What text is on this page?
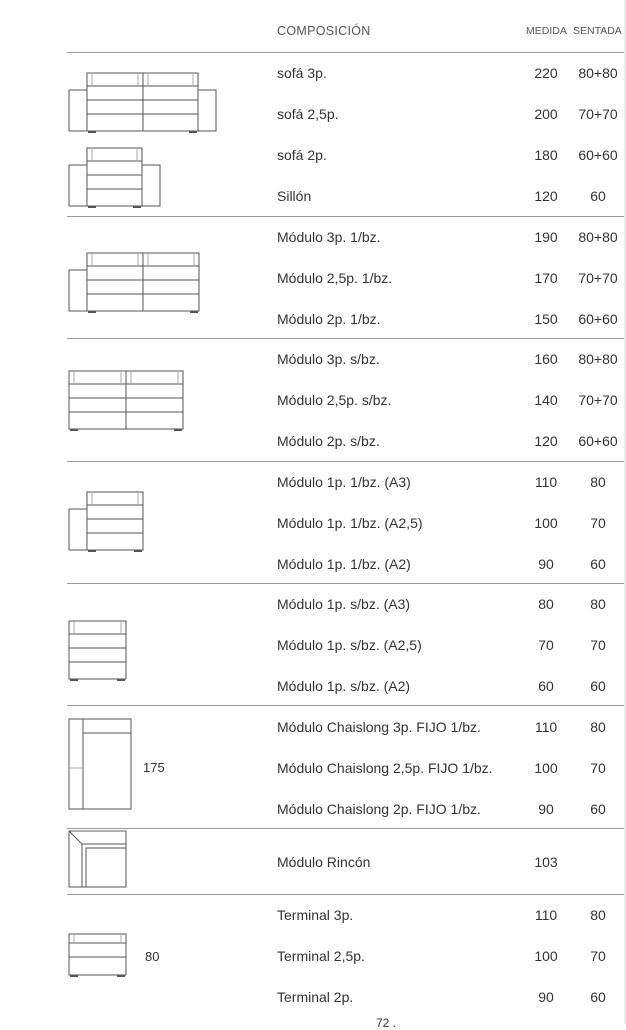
COMPOSICIÓN	MEDIDA SENTADA
sofá 3p.	220	80+80
sofá 2,5p.	200	70+70
sofá 2p.	180	60+60
Sillón	120	60
Módulo 3p. 1/bz.	190	80+80
Módulo 2,5p. 1/bz.	170	70+70
Módulo 2p. 1/bz.	150	60+60
Módulo 3p. s/bz.	160	80+80
Módulo 2,5p. s/bz.	140	70+70
Módulo 2p. s/bz.	120	60+60
Módulo 1p. 1/bz. (A3)	110	80
Módulo 1p. 1/bz. (A2,5)	100	70
Módulo 1p. 1/bz. (A2)	90	60
Módulo 1p. s/bz. (A3)	80	80
Módulo 1p. s/bz. (A2,5)	70	70
Módulo 1p. s/bz. (A2)	60	60
Módulo Chaislong 3p. FIJO 1/bz.	110	80
Módulo Chaislong 2,5p. FIJO 1/bz.	100	70
Módulo Chaislong 2p. FIJO 1/bz.	90	60
Módulo Rincón	103
Terminal 3p.	110	80
Terminal 2,5p.	100	70
Terminal 2p.	90	60
175
80
72 .
